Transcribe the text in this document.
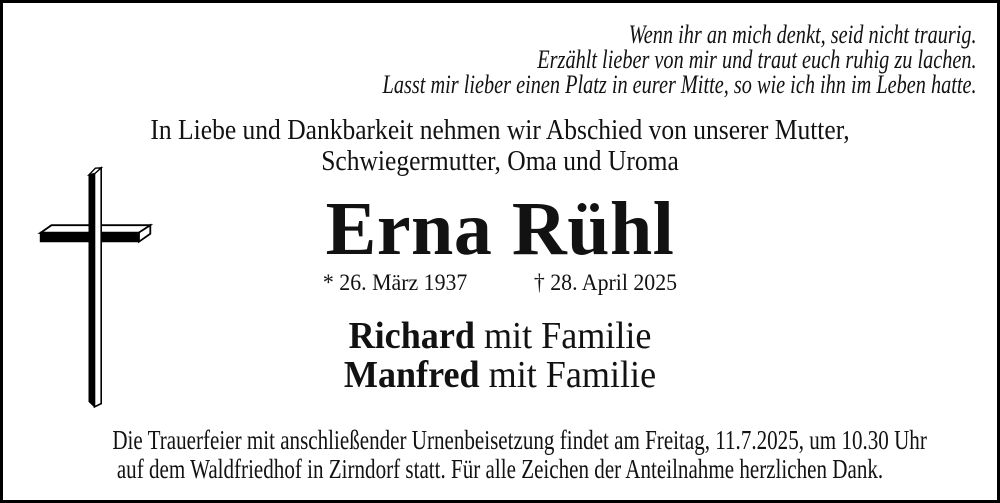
Wenn ihr an mich denkt, seid nicht traurig.
Erzählt lieber von mir und traut euch ruhig zu lachen.
Lasst mir lieber einen Platz in eurer Mitte, so wie ich ihn im Leben hatte.
In Liebe und Dankbarkeit nehmen wir Abschied von unserer Mutter,
Schwiegermutter, Oma und Uroma
Erna Rühl
* 26. März 1937	† 28. April 2025
Richard mit Familie
Manfred mit Familie
Die Trauerfeier mit anschließender Urnenbeisetzung findet am Freitag, 11.7.2025, um 10.30 Uhr
auf dem Waldfriedhof in Zirndorf statt. Für alle Zeichen der Anteilnahme herzlichen Dank.
